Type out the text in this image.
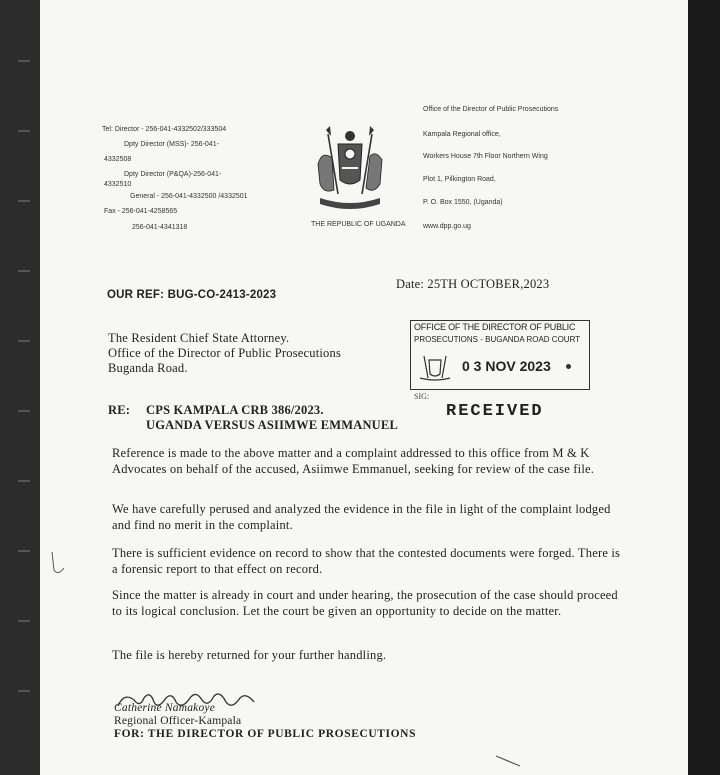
Tel: Director - 256-041-4332502/333504
Dpty Director (MSS)- 256-041-
4332508
Dpty Director (P&QA)-256-041-
4332510
General - 256-041-4332500 /4332501
Fax - 256-041-4258565
256-041-4341318	THE REPUBLIC OF UGANDA
Office of the Director of Public Prosecutions
Kampala Regional office,
Workers House 7th Floor Northern Wing
Plot 1, Pilkington Road,
P. O. Box 1550, (Uganda)
www.dpp.go.ug
OUR REF: BUG-CO-2413-2023
Date: 25TH OCTOBER,2023
The Resident Chief State Attorney.
Office of the Director of Public Prosecutions
Buganda Road.
OFFICE OF THE DIRECTOR OF PUBLIC
PROSECUTIONS - BUGANDA ROAD COURT
0 3 NOV 2023
SIG:
RECEIVED
RE: CPS KAMPALA CRB 386/2023.
UGANDA VERSUS ASIIMWE EMMANUEL
Reference is made to the above matter and a complaint addressed to this office from M & K Advocates on behalf of the accused, Asiimwe Emmanuel, seeking for review of the case file.
We have carefully perused and analyzed the evidence in the file in light of the complaint lodged and find no merit in the complaint.
There is sufficient evidence on record to show that the contested documents were forged. There is a forensic report to that effect on record.
Since the matter is already in court and under hearing, the prosecution of the case should proceed to its logical conclusion. Let the court be given an opportunity to decide on the matter.
The file is hereby returned for your further handling.
Catherine Namakoye
Regional Officer-Kampala
FOR: THE DIRECTOR OF PUBLIC PROSECUTIONS
